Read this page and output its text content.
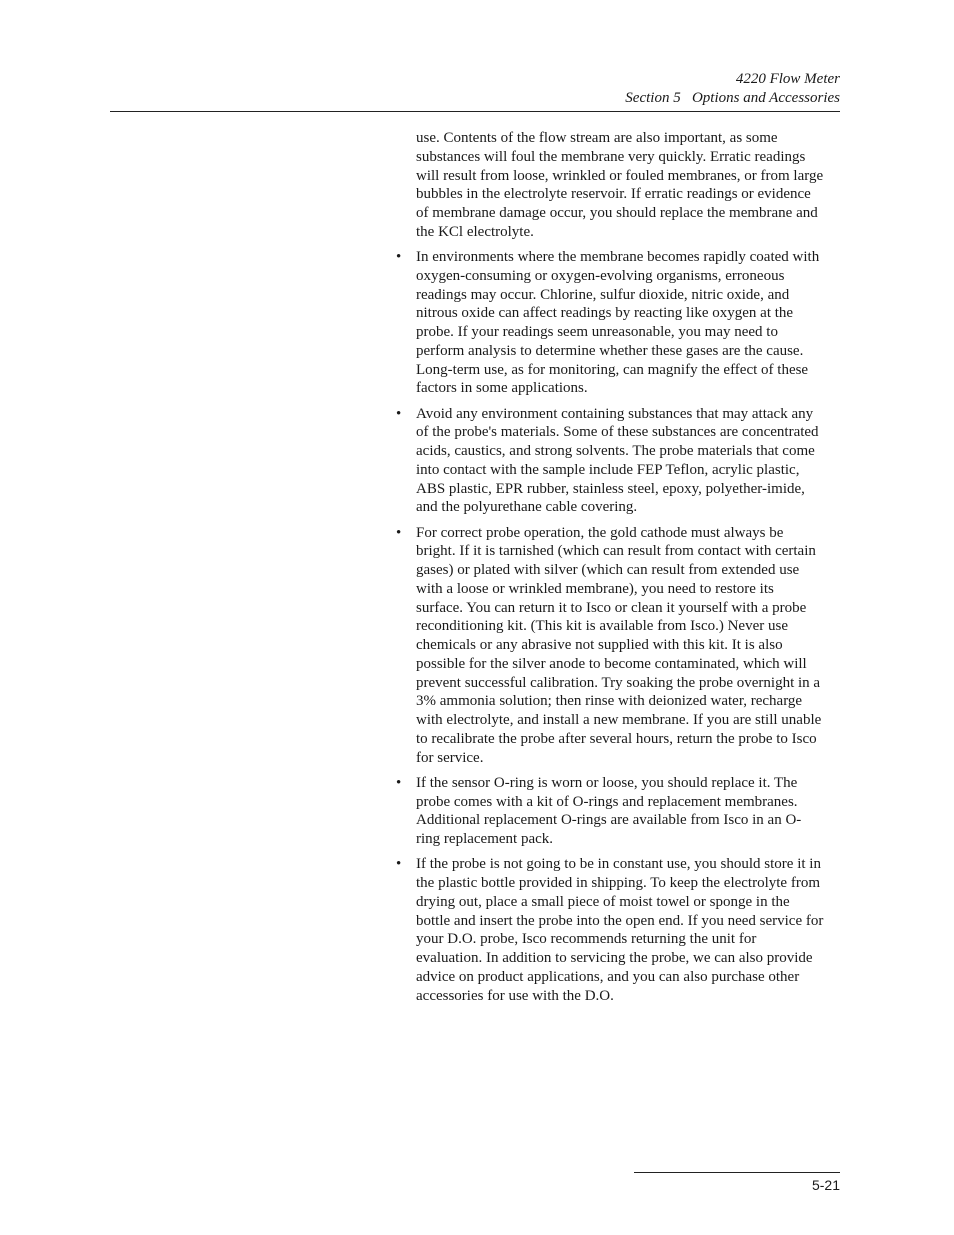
4220 Flow Meter
Section 5   Options and Accessories

use. Contents of the flow stream are also important, as some substances will foul the membrane very quickly. Erratic readings will result from loose, wrinkled or fouled membranes, or from large bubbles in the electrolyte reservoir. If erratic readings or evidence of membrane damage occur, you should replace the membrane and the KCl electrolyte.

• In environments where the membrane becomes rapidly coated with oxygen-consuming or oxygen-evolving organisms, erroneous readings may occur. Chlorine, sulfur dioxide, nitric oxide, and nitrous oxide can affect readings by reacting like oxygen at the probe. If your readings seem unreasonable, you may need to perform analysis to determine whether these gases are the cause. Long-term use, as for monitoring, can magnify the effect of these factors in some applications.
• Avoid any environment containing substances that may attack any of the probe's materials. Some of these substances are concentrated acids, caustics, and strong solvents. The probe materials that come into contact with the sample include FEP Teflon, acrylic plastic, ABS plastic, EPR rubber, stainless steel, epoxy, polyether-imide, and the polyurethane cable covering.
• For correct probe operation, the gold cathode must always be bright. If it is tarnished (which can result from contact with certain gases) or plated with silver (which can result from extended use with a loose or wrinkled membrane), you need to restore its surface. You can return it to Isco or clean it yourself with a probe reconditioning kit. (This kit is available from Isco.) Never use chemicals or any abrasive not supplied with this kit. It is also possible for the silver anode to become contaminated, which will prevent successful calibration. Try soaking the probe overnight in a 3% ammonia solution; then rinse with deionized water, recharge with electrolyte, and install a new membrane. If you are still unable to recalibrate the probe after several hours, return the probe to Isco for service.
• If the sensor O-ring is worn or loose, you should replace it. The probe comes with a kit of O-rings and replacement membranes. Additional replacement O-rings are available from Isco in an O-ring replacement pack.
• If the probe is not going to be in constant use, you should store it in the plastic bottle provided in shipping. To keep the electrolyte from drying out, place a small piece of moist towel or sponge in the bottle and insert the probe into the open end. If you need service for your D.O. probe, Isco recommends returning the unit for evaluation. In addition to servicing the probe, we can also provide advice on product applications, and you can also purchase other accessories for use with the D.O.
5-21
